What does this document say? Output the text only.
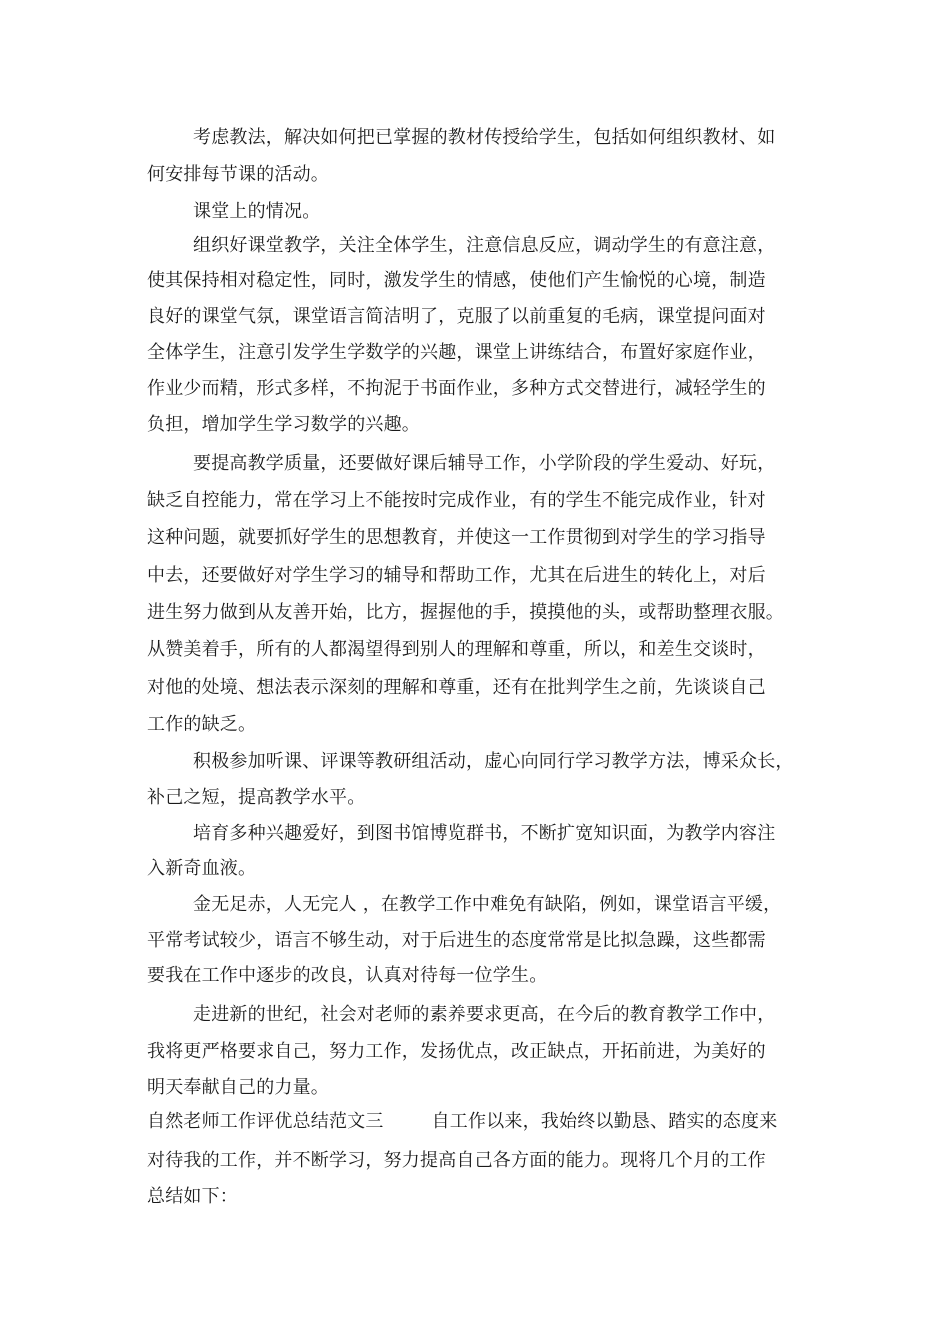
考虑教法，解决如何把已掌握的教材传授给学生，包括如何组织教材、如
何安排每节课的活动。
课堂上的情况。
组织好课堂教学，关注全体学生，注意信息反应，调动学生的有意注意，
使其保持相对稳定性，同时，激发学生的情感，使他们产生愉悦的心境，制造
良好的课堂气氛，课堂语言简洁明了，克服了以前重复的毛病，课堂提问面对
全体学生，注意引发学生学数学的兴趣，课堂上讲练结合，布置好家庭作业，
作业少而精，形式多样，不拘泥于书面作业，多种方式交替进行，减轻学生的
负担，增加学生学习数学的兴趣。
要提高教学质量，还要做好课后辅导工作，小学阶段的学生爱动、好玩，
缺乏自控能力，常在学习上不能按时完成作业，有的学生不能完成作业，针对
这种问题，就要抓好学生的思想教育，并使这一工作贯彻到对学生的学习指导
中去，还要做好对学生学习的辅导和帮助工作，尤其在后进生的转化上，对后
进生努力做到从友善开始，比方，握握他的手，摸摸他的头，或帮助整理衣服。
从赞美着手，所有的人都渴望得到别人的理解和尊重，所以，和差生交谈时，
对他的处境、想法表示深刻的理解和尊重，还有在批判学生之前，先谈谈自己
工作的缺乏。
积极参加听课、评课等教研组活动，虚心向同行学习教学方法，博采众长，
补己之短，提高教学水平。
培育多种兴趣爱好，到图书馆博览群书，不断扩宽知识面，为教学内容注
入新奇血液。
金无足赤，人无完人 ，在教学工作中难免有缺陷，例如，课堂语言平缓，
平常考试较少，语言不够生动，对于后进生的态度常常是比拟急躁，这些都需
要我在工作中逐步的改良，认真对待每一位学生。
走进新的世纪，社会对老师的素养要求更高，在今后的教育教学工作中，
我将更严格要求自己，努力工作，发扬优点，改正缺点，开拓前进，为美好的
明天奉献自己的力量。
自然老师工作评优总结范文三	自工作以来，我始终以勤恳、踏实的态度来
对待我的工作，并不断学习，努力提高自己各方面的能力。现将几个月的工作
总结如下：
